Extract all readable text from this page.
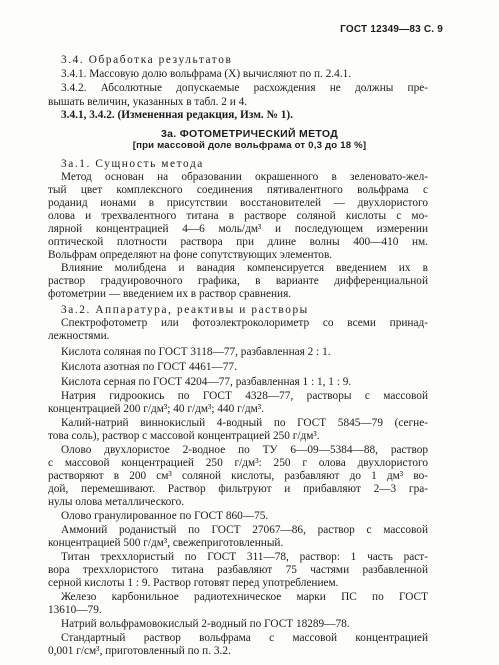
ГОСТ 12349—83 С. 9
3.4. Обработка результатов
3.4.1. Массовую долю вольфрама (X) вычисляют по п. 2.4.1.
3.4.2. Абсолютные допускаемые расхождения не должны пре-
вышать величин, указанных в табл. 2 и 4.
3.4.1, 3.4.2. (Измененная редакция, Изм. № 1).
3а. ФОТОМЕТРИЧЕСКИЙ МЕТОД
[при массовой доле вольфрама от 0,3 до 18 %]
3а.1. Сущность метода
Метод основан на образовании окрашенного в зеленовато-жел-
тый цвет комплексного соединения пятивалентного вольфрама с
роданид ионами в присутствии восстановителей — двухлористого
олова и трехвалентного титана в растворе соляной кислоты с мо-
лярной концентрацией 4—6 моль/дм³ и последующем измерении
оптической плотности раствора при длине волны 400—410 нм.
Вольфрам определяют на фоне сопутствующих элементов.
Влияние молибдена и ванадия компенсируется введением их в
раствор градуировочного графика, в варианте дифференциальной
фотометрии — введением их в раствор сравнения.
3а.2. Аппаратура, реактивы и растворы
Спектрофотометр или фотоэлектроколориметр со всеми принад-
лежностями.
Кислота соляная по ГОСТ 3118—77, разбавленная 2 : 1.
Кислота азотная по ГОСТ 4461—77.
Кислота серная по ГОСТ 4204—77, разбавленная 1 : 1, 1 : 9.
Натрия гидроокись по ГОСТ 4328—77, растворы с массовой
концентрацией 200 г/дм³; 40 г/дм³; 440 г/дм³.
Калий-натрий виннокислый 4-водный по ГОСТ 5845—79 (сегне-
това соль), раствор с массовой концентрацией 250 г/дм³.
Олово двухлористое 2-водное по ТУ 6—09—5384—88, раствор
с массовой концентрацией 250 г/дм³: 250 г олова двухлористого
растворяют в 200 см³ соляной кислоты, разбавляют до 1 дм³ во-
дой, перемешивают. Раствор фильтруют и прибавляют 2—3 гра-
нулы олова металлического.
Олово гранулированное по ГОСТ 860—75.
Аммоний роданистый по ГОСТ 27067—86, раствор с массовой
концентрацией 500 г/дм³, свежеприготовленный.
Титан треххлористый по ГОСТ 311—78, раствор: 1 часть раст-
вора треххлористого титана разбавляют 75 частями разбавленной
серной кислоты 1 : 9. Раствор готовят перед употреблением.
Железо карбонильное радиотехническое марки ПС по ГОСТ
13610—79.
Натрий вольфрамовокислый 2-водный по ГОСТ 18289—78.
Стандартный раствор вольфрама с массовой концентрацией
0,001 г/см³, приготовленный по п. 3.2.
